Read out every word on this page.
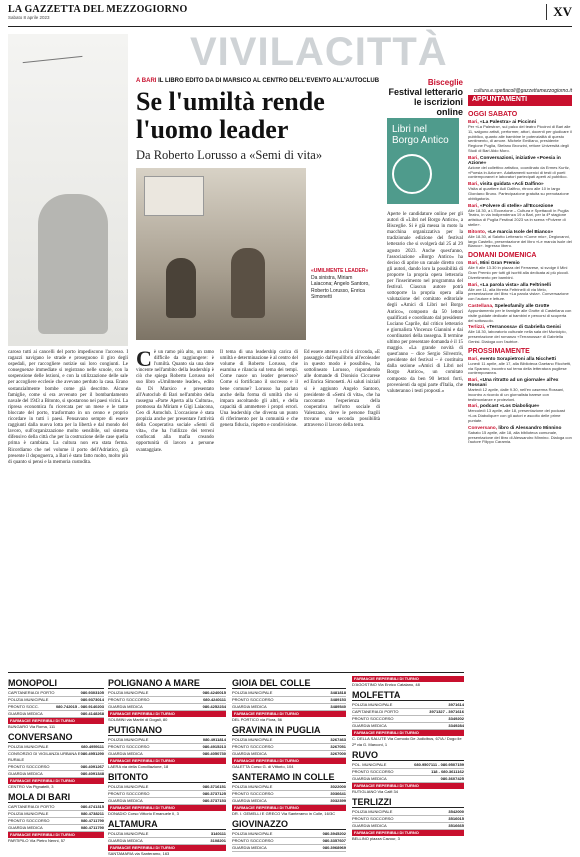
LA GAZZETTA DEL MEZZOGIORNO
Sabato 8 aprile 2023	XV
VIVILACITTÀ
A BARI IL LIBRO EDITO DA DI MARSICO AL CENTRO DELL'EVENTO ALL'AUTOCLUB
Se l'umiltà rende l'uomo leader
Da Roberto Lorusso a «Semi di vita»
«UMILMENTE LEADER»
Da sinistra, Miriam Laiacona; Angelo Santoro, Roberto Lorusso, Enrica Simonetti
caroso tutti ai cancelli del porto impediscono l'accesso. I ragazzi navigano le strade e proseguono il giro degli ospedali, per raccogliere notizie sui loro congiunti. Le conseguenze immediate si registrano nelle scuole, con la sospensione delle lezioni, e con la utilizzazione delle sale per accogliere ecclesie che avevano perduto la casa. Erano sostanzialmente bombe come già descritte. Alcune famiglie, come si era avvenuto per il bombardamento navale del 1943 a Bitonto, si spostarono nei paesi vicini. La ripresa economica fu ricercata per un mese e le tante bloccate del porto, trasformato in un cenno e proprio ricordare in tutti i paesi. Pensavano sempre di essere raggiunti dalla nuova lotta per la libertà e dal mondo del lavoro, sull'organizzazione molto sensibile, sul sistema difensivo della città che per la costruzione delle case quella prima è cambiata. La cultura non era stata ferma. Ricordiamo che nel volume il porto dell'Adriatico, già presente il dopoguerra, a Bari è stato fatto molto, molto più di quanto si pensi e la memoria custodita.
Cè un ramo più alto, un ramo difficile da raggiungere: è l'umiltà. Quanto sia una dote vincente nell'ambito della leadership è ciò che spiega Roberto Lorusso nel suo libro «Umilmente leader», edito da Di Marsico e presentato all'Autoclub di Bari nell'ambito della rassegna «Parte Aperta alla Cultura», promossa da Miriam e Gigi Laiacona, Ceo di Autoclub. L'occasione è stata propizia anche per presentare l'attività della Cooperativa sociale «Semi di vita», che ha l'utilizzo dei terreni confiscati alla mafia creando opportunità di lavoro a persone svantaggiate.
Il tema di una leadership carica di umiltà e determinazione è al centro del volume di Roberto Lorusso, che esamina e rilancia sul tema dei tempi. Come nasce un leader generoso? Come si fortificano il successo e il bene comune? Lorusso ha parlato anche della forma di umiltà che si impara ascoltando gli altri, e della capacità di ammettere i propri errori. Una leadership che diventa un punto di riferimento per la comunità e che genera fiducia, rispetto e condivisione.
Ed essere attento a chi ti circonda, «E passaggio dall'equilibrio all'ecoleader in questo modo è possibile», ha sottolineato Lorusso, rispondendo alle domande di Dionisio Ciccarese ed Enrica Simonetti. Ai saluti iniziali si è aggiunto Angelo Santoro, presidente di «Semi di vita», che ha raccontato l'esperienza della cooperativa nell'orto sociale di Valenzano, dove le persone fragili trovano una seconda possibilità attraverso il lavoro della terra.
Bisceglie
Festival letterario le iscrizioni online
Libri nel Borgo Antico
Aperte le candidature online per gli autori di «Libri nel Borgo Antico», a Bisceglie. Si è già messa in moto la macchina organizzativa per la tradizionale edizione del festival letterario che si svolgerà dal 25 al 29 agosto 2023. Anche quest'anno, l'associazione «Borgo Antico» ha deciso di aprire un canale diretto con gli autori, dando loro la possibilità di proporre la propria opera letteraria per l'inserimento nel programma del festival. Ciascun autore potrà sottoporre la propria opera alla valutazione del comitato editoriale degli «Amici di Libri nel Borgo Antico», composto da 50 lettori qualificati e coordinato dal presidente Luciano Caprile, dal critico letterario e giornalista Vincenzo Giannini e dai coordinatori della rassegna. Il termine ultimo per presentare domanda è il 15 maggio. «La grande novità di quest'anno – dice Sergio Silvestris, presidente del festival – è costituita dalla sezione «Amici di Libri nel Borgo Antico», un comitato composto da ben 90 lettori forti, provenienti da ogni parte d'Italia, che valuteranno i testi proposti.»
cultura.e.spettacoli@gazzettamezzogiorno.it
APPUNTAMENTI
OGGI SABATO
Bari, «La Palestra» ai Piccinni
Per «La Palestra», sul palco del teatro Piccinni di Bari alle 11, salgono artisti, performer, attori, docenti per giudicare il pubblico, quanto alle bambine le potenzialità di questo sentimento, di amore. Michele Emiliano, presidente Regione Puglia, Stefano Bronzini, rettore Università degli Studi di Bari Aldo Moro.
Bari, Conversazioni, iniziative «Poesia in Azione»
Azione del collettivo artistico, coordinato da Ermes Kurtiz, «Poesia in Azione». Adattamenti scenici di testi di poeti contemporanei e laboratori partecipati aperti al pubblico.
Bari, visita guidata «Acli Dalfino»
Visita al quartiere Acli Dalfino, ritrovo alle 10 in largo Giordano Bruno. Partecipazione gratuita su prenotazione obbligatoria.
Bari, «Polvere di stelle» all'Eccezione
Alle 18.30, a L'Eccezione – Cultura e Spettacoli in Puglia Teatro, in via Indipendenza 19 a Bari, per la 4ª stagione artistica di Puglia Festival 2023 va in scena «Polvere di stelle».
Bitonto, «Le marcia Isole del Bianco»
Alle 18.30, al Salotto Letterario «Come mio», Degiovanni, largo Castello, presentazione del libro «Le marcia Isole del Bianco». Ingresso libero.
DOMANI DOMENICA
Bari, Mini Gran Premio
Alle 9 alle 13.30 in piazza del Ferrarese, si svolge il Mini Gran Premio per tutti gli iscritti alla dedicata ai più piccoli. Divertimento per bambini.
Bari, «La parola vista» alla Feltrinelli
Alle ore 11, alla libreria Feltrinelli di via Melo, presentazione del libro «La parola vista». Conversazione con l'autore e letture.
Castellana, Speleofamily alle Grotte
Appuntamento per le famiglie alle Grotte di Castellana con visite guidate dedicate ai bambini e percorsi di scoperta del sottosuolo.
Terlizzi, «Terranossa» di Gabriella Genisi
Alle 18.30, laboratorio culturale nella sala del Municipio, presentazione del romanzo «Terranossa» di Gabriella Genisi. Dialoga con l'autrice.
PROSSIMAMENTE
Bari, evento Sorapietroni alla Nicchetti
Lunedì 11 aprile, alle 17, alla Biblioteca Gaetano Ricchetti, via Sparano, incontro sul tema della letteratura pugliese contemporanea.
Bari, «Una ritratto ad un giornale» all'ex Rossani
Martedì 12 aprile, dalle 9.30, nell'ex caserma Rossani, incontro a ricordo di un giornalista barese con testimonianze e proiezioni.
Bari, podcast «Los Diabolique»
Mercoledì 13 aprile, alle 18, presentazione del podcast «Los Diabolique» con gli autori e ascolto delle prime puntate.
Conversano, libro di Alessandro Minnino
Sabato 15 aprile, alle 18, alla biblioteca comunale, presentazione del libro di Alessandro Minnino. Dialoga con l'autore Filippo Caramia.
MONOPOLI
CAPITANERIA DI PORTO	080.9303105
POLIZIA MUNICIPALE	080.9373014
PRONTO SOCC.	080.742015 - 080.9140203
GUARDIA MEDICA	080.4148268
FARMACIE REPERIBILI DI TURNO
BUNGARO Via Roma, 111
CONVERSANO
POLIZIA MUNICIPALE	080.4959111
CONSORZIO DI VIGILANZA URBANA E RURALE
080.4951290
PRONTO SOCCORSO	080.4091267
GUARDIA MEDICA	080.4091348
FARMACIE REPERIBILI DI TURNO
CENTRO Via Pignatelli, 3
MOLA DI BARI
CAPITANERIA DI PORTO	080.4741315
POLIZIA MUNICIPALE	080.4738211
PRONTO SOCCORSO	080.4711790
GUARDIA MEDICA	080.4711790
FARMACIE REPERIBILI DI TURNO
PARTIPILO Via Pietro Nenni, 57
POLIGNANO A MARE
POLIZIA MUNICIPALE	080.4240015
PRONTO SOCCORSO	080.4240111
GUARDIA MEDICA	080.4252234
FARMACIE REPERIBILI DI TURNO
SOLIMINI via Martiri di Dogali, 80
PUTIGNANO
POLIZIA MUNICIPALE	080.4911814
PRONTO SOCCORSO	080.4915213
GUARDIA MEDICA	080.4050730
FARMACIE REPERIBILI DI TURNO
LAERA via della Conciliazione, 18
BITONTO
POLIZIA MUNICIPALE	080.3716151
PRONTO SOCCORSO	080.3737125
GUARDIA MEDICA	080.3737153
FARMACIE REPERIBILI DI TURNO
DONADIO Corso Vittorio Emanuele II, 3
ALTAMURA
POLIZIA MUNICIPALE	3140111
GUARDIA MEDICA	3108201
FARMACIE REPERIBILI DI TURNO
SANTAMARIA via Santeramo, 163
GIOIA DEL COLLE
POLIZIA MUNICIPALE	3481818
PRONTO SOCCORSO	3489153
GUARDIA MEDICA	3489540
FARMACIE REPERIBILI DI TURNO
DEL PORTICO via Flora, 56
GRAVINA IN PUGLIA
POLIZIA MUNICIPALE	3267463
PRONTO SOCCORSO	3267051
GUARDIA MEDICA	3267000
FARMACIE REPERIBILI DI TURNO
GALETTA Corso G. di Vittorio, 104
SANTERAMO IN COLLE
POLIZIA MUNICIPALE	3022000
PRONTO SOCCORSO	3036641
GUARDIA MEDICA	3032399
FARMACIE REPERIBILI DI TURNO
DR. I. GEMELLI E GRECO Via Santeramo in Colle, 16/3C
GIOVINAZZO
POLIZIA MUNICIPALE	080.3945202
PRONTO SOCCORSO	080.3357607
GUARDIA MEDICA	080.3968969
FARMACIE REPERIBILI DI TURNO
D'AGOSTINO Via Enrico Catalano, 48
MOLFETTA
POLIZIA MUNICIPALE	3971614
CAPITANERIA DI PORTO	3971327 - 3971616
PRONTO SOCCORSO	3349202
GUARDIA MEDICA	3349284
FARMACIE REPERIBILI DI TURNO
C. DELLA SALUTE Via Comodo De Judicibus, 67/A / Dogo ile 2ª via G. Marconi, 1
RUVO
POL. MUNICIPALE	080.9507111 - 080.9507159
PRONTO SOCCORSO	118 - 080.3611162
GUARDIA MEDICA	080.3607425
FARMACIE REPERIBILI DI TURNO
RUTIGLIANO Via Calfi 34
TERLIZZI
POLIZIA MUNICIPALE	3542000
PRONTO SOCCORSO	3516015
GUARDIA MEDICA	3516665
FARMACIE REPERIBILI DI TURNO
BELLINO piazza Cavour, 3
